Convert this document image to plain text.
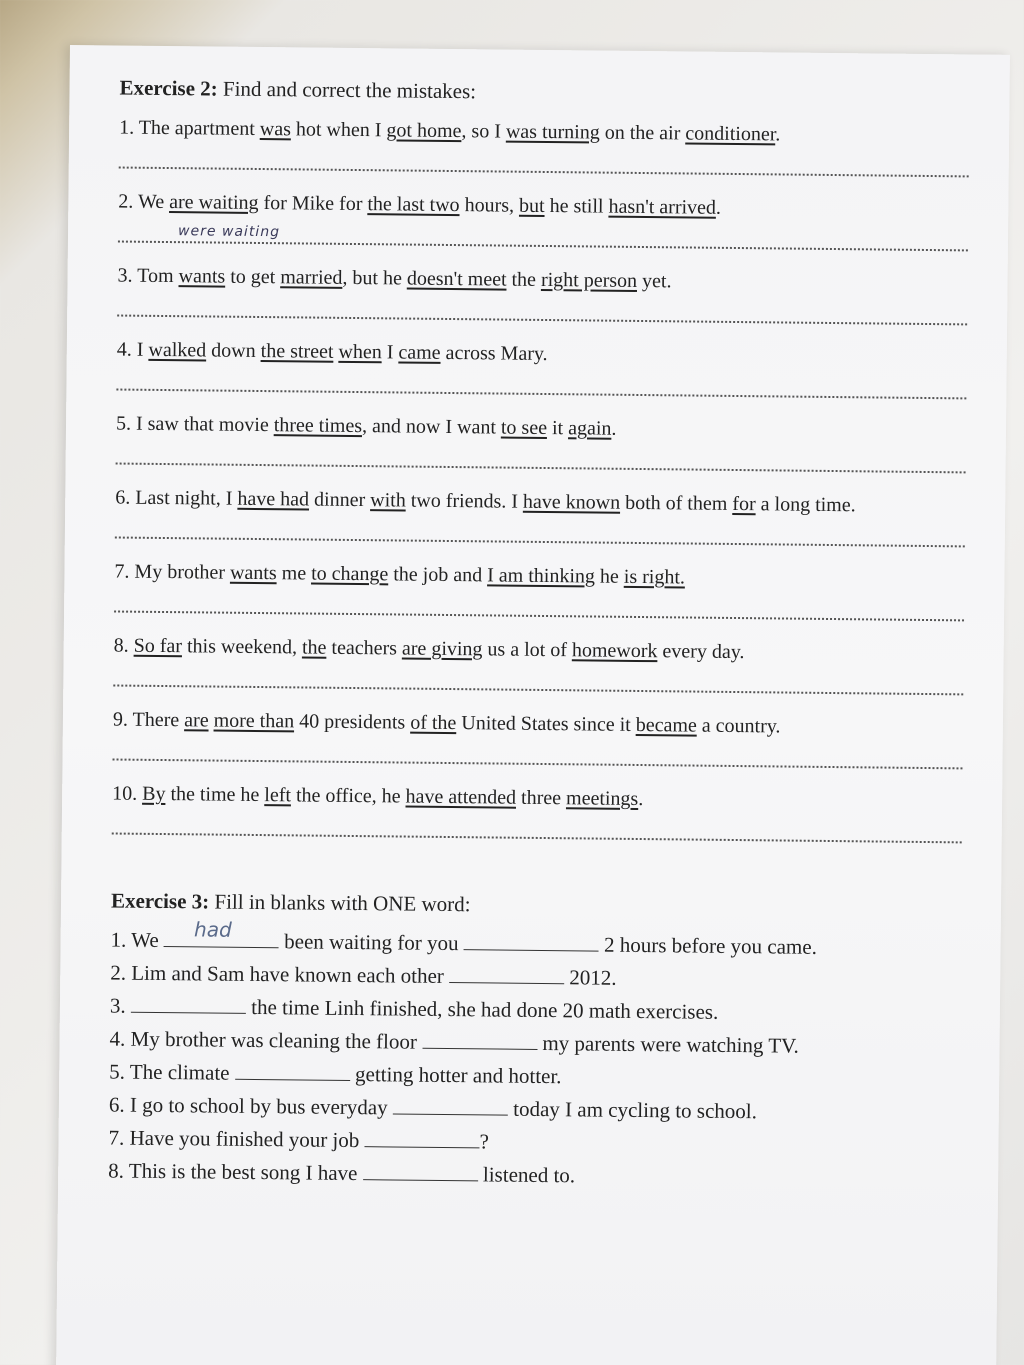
Exercise 2: Find and correct the mistakes:

1. The apartment was hot when I got home, so I was turning on the air conditioner.

2. We are waiting for Mike for the last two hours, but he still hasn't arrived.

were waiting

3. Tom wants to get married, but he doesn't meet the right person yet.

4. I walked down the street when I came across Mary.

5. I saw that movie three times, and now I want to see it again.

6. Last night, I have had dinner with two friends. I have known both of them for a long time.

7. My brother wants me to change the job and I am thinking he is right.

8. So far this weekend, the teachers are giving us a lot of homework every day.

9. There are more than 40 presidents of the United States since it became a country.

10. By the time he left the office, he have attended three meetings.

Exercise 3: Fill in blanks with ONE word:

1. We had been waiting for you	2 hours before you came.

2. Lim and Sam have known each other	2012.

3.	the time Linh finished, she had done 20 math exercises.

4. My brother was cleaning the floor	my parents were watching TV.

5. The climate	getting hotter and hotter.

6. I go to school by bus everyday	today I am cycling to school.

7. Have you finished your job	?

8. This is the best song I have	listened to.
